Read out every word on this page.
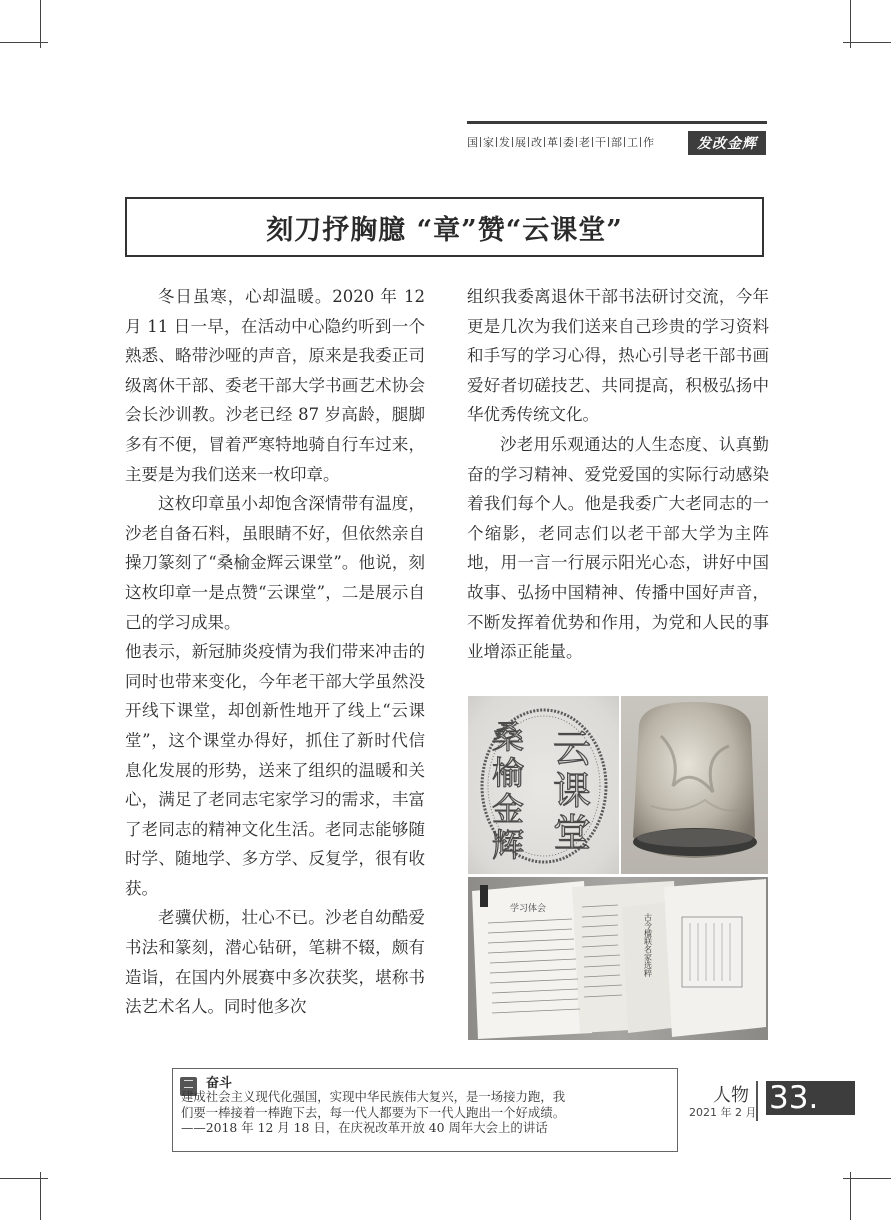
国 家 发 展 改 革 委 老 干 部 工 作	发改金辉
刻刀抒胸臆 “章”赞“云课堂”

冬日虽寒，心却温暖。2020 年 12 月 11 日一早，在活动中心隐约听到一个熟悉、略带沙哑的声音，原来是我委正司级离休干部、委老干部大学书画艺术协会会长沙训教。沙老已经 87 岁高龄，腿脚多有不便，冒着严寒特地骑自行车过来，主要是为我们送来一枚印章。

这枚印章虽小却饱含深情带有温度，沙老自备石料，虽眼睛不好，但依然亲自操刀篆刻了“桑榆金辉云课堂”。他说，刻这枚印章一是点赞“云课堂”，二是展示自己的学习成果。

他表示，新冠肺炎疫情为我们带来冲击的同时也带来变化，今年老干部大学虽然没开线下课堂，却创新性地开了线上“云课堂”，这个课堂办得好，抓住了新时代信息化发展的形势，送来了组织的温暖和关心，满足了老同志宅家学习的需求，丰富了老同志的精神文化生活。老同志能够随时学、随地学、多方学、反复学，很有收获。

老骥伏枥，壮心不已。沙老自幼酷爱书法和篆刻，潜心钻研，笔耕不辍，颇有造诣，在国内外展赛中多次获奖，堪称书法艺术名人。同时他多次

组织我委离退休干部书法研讨交流，今年更是几次为我们送来自己珍贵的学习资料和手写的学习心得，热心引导老干部书画爱好者切磋技艺、共同提高，积极弘扬中华优秀传统文化。

沙老用乐观通达的人生态度、认真勤奋的学习精神、爱党爱国的实际行动感染着我们每个人。他是我委广大老同志的一个缩影，老同志们以老干部大学为主阵地，用一言一行展示阳光心态，讲好中国故事、弘扬中国精神、传播中国好声音，不断发挥着优势和作用，为党和人民的事业增添正能量。

桑
榆
金
辉
云
课
堂
学习体会
古今楹联名家选粹
奋斗

建成社会主义现代化强国，实现中华民族伟大复兴，是一场接力跑，我

们要一棒接着一棒跑下去，每一代人都要为下一代人跑出一个好成绩。

——2018 年 12 月 18 日，在庆祝改革开放 40 周年大会上的讲话

人物
2021 年 2 月 33.
